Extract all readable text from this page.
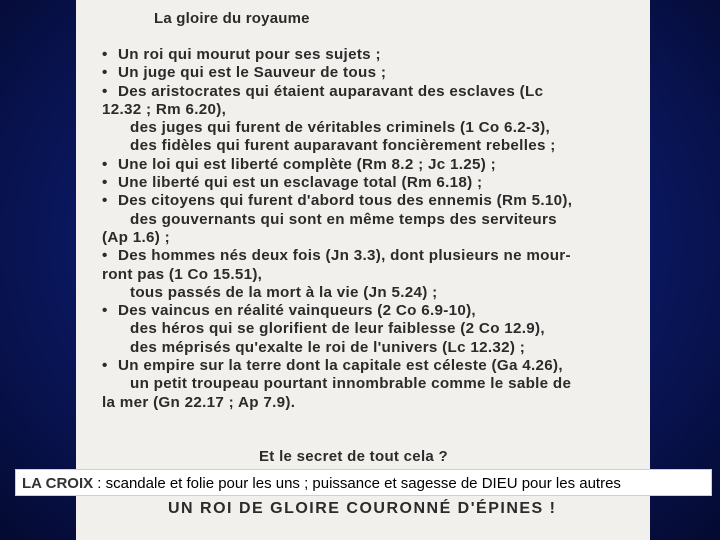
La gloire du royaume
• Un roi qui mourut pour ses sujets ;
• Un juge qui est le Sauveur de tous ;
• Des aristocrates qui étaient auparavant des esclaves (Lc
12.32 ; Rm 6.20),
des juges qui furent de véritables criminels (1 Co 6.2-3),
des fidèles qui furent auparavant foncièrement rebelles ;
• Une loi qui est liberté complète (Rm 8.2 ; Jc 1.25) ;
• Une liberté qui est un esclavage total (Rm 6.18) ;
• Des citoyens qui furent d'abord tous des ennemis (Rm 5.10),
des gouvernants qui sont en même temps des serviteurs
(Ap 1.6) ;
• Des hommes nés deux fois (Jn 3.3), dont plusieurs ne mour-
ront pas (1 Co 15.51),
tous passés de la mort à la vie (Jn 5.24) ;
• Des vaincus en réalité vainqueurs (2 Co 6.9-10),
des héros qui se glorifient de leur faiblesse (2 Co 12.9),
des méprisés qu'exalte le roi de l'univers (Lc 12.32) ;
• Un empire sur la terre dont la capitale est céleste (Ga 4.26),
un petit troupeau pourtant innombrable comme le sable de
la mer (Gn 22.17 ; Ap 7.9).
Et le secret de tout cela ?
UN ROI DE GLOIRE COURONNÉ D'ÉPINES !
LA CROIX : scandale et folie pour les uns ; puissance et sagesse de DIEU pour les autres
